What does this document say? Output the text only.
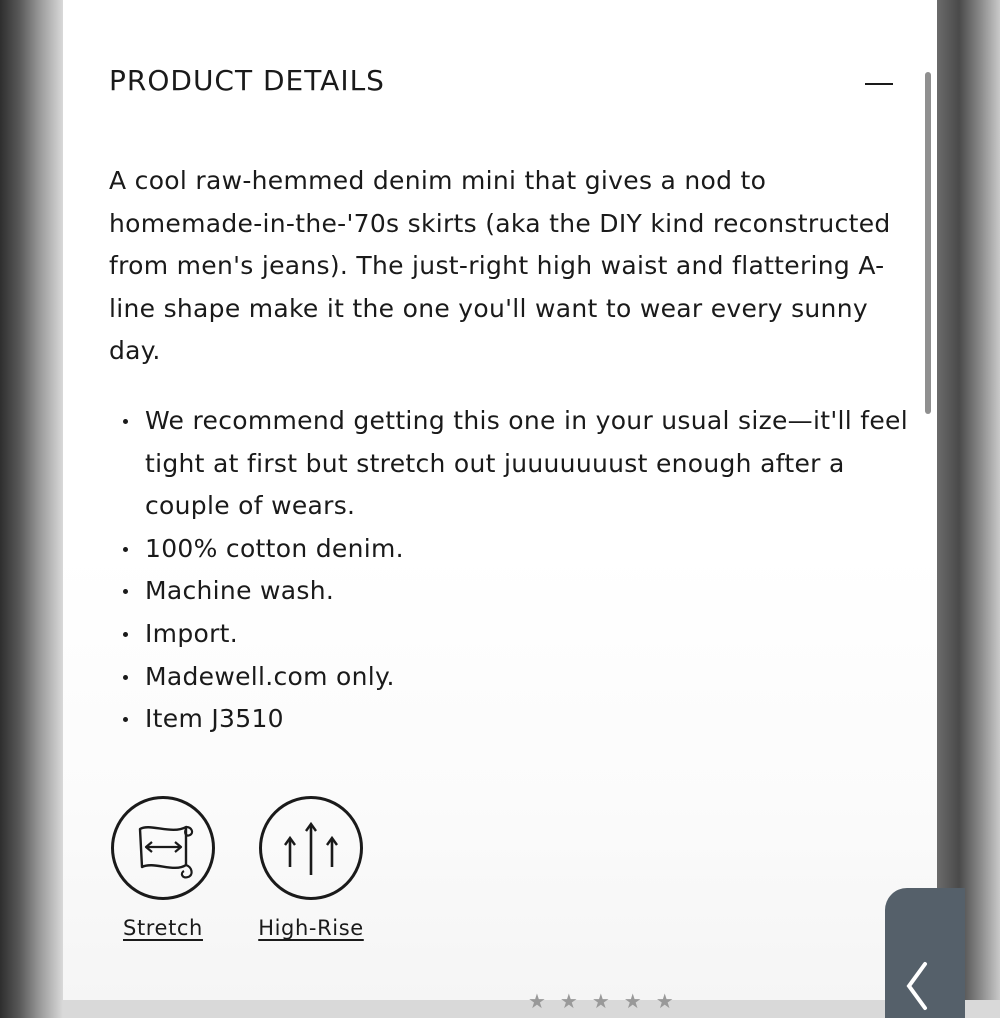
PRODUCT DETAILS

A cool raw-hemmed denim mini that gives a nod to homemade-in-the-'70s skirts (aka the DIY kind reconstructed from men's jeans). The just-right high waist and flattering A-line shape make it the one you'll want to wear every sunny day.

We recommend getting this one in your usual size—it'll feel tight at first but stretch out juuuuuuust enough after a couple of wears.
100% cotton denim.
Machine wash.
Import.
Madewell.com only.
Item J3510
Stretch	High-Rise
★★★★★
